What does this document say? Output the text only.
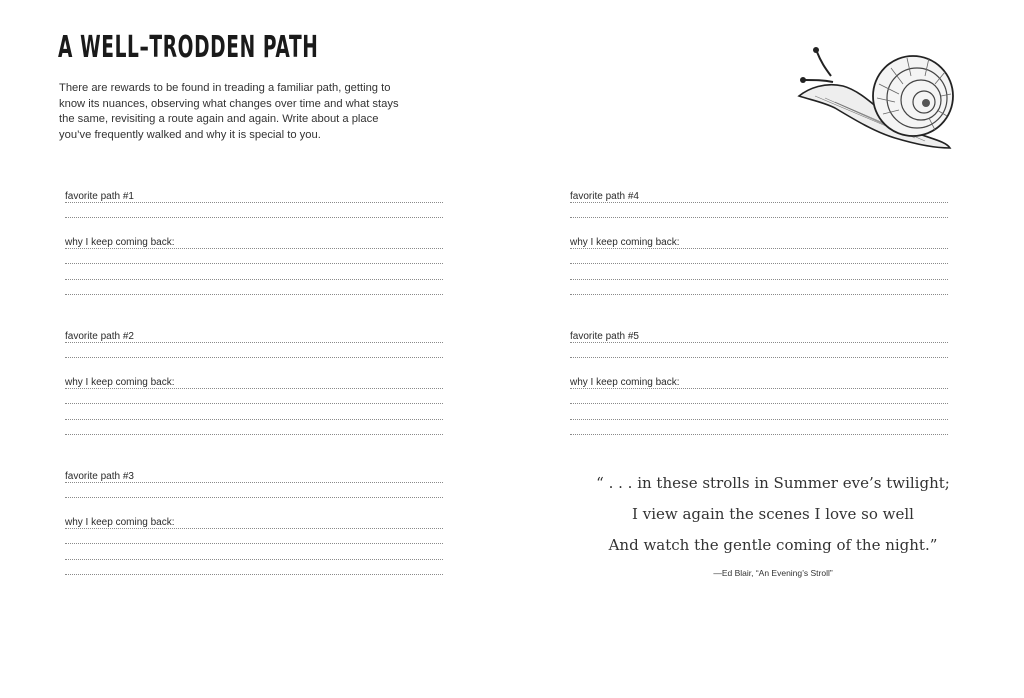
A WELL–TRODDEN PATH
There are rewards to be found in treading a familiar path, getting to know its nuances, observing what changes over time and what stays the same, revisiting a route again and again. Write about a place you’ve frequently walked and why it is special to you.
favorite path #1
why I keep coming back:
favorite path #2
why I keep coming back:
favorite path #3
why I keep coming back:
favorite path #4
why I keep coming back:
favorite path #5
why I keep coming back:
“ . . . in these strolls in Summer eve’s twilight;
I view again the scenes I love so well
And watch the gentle coming of the night.”
—Ed Blair, “An Evening’s Stroll”
